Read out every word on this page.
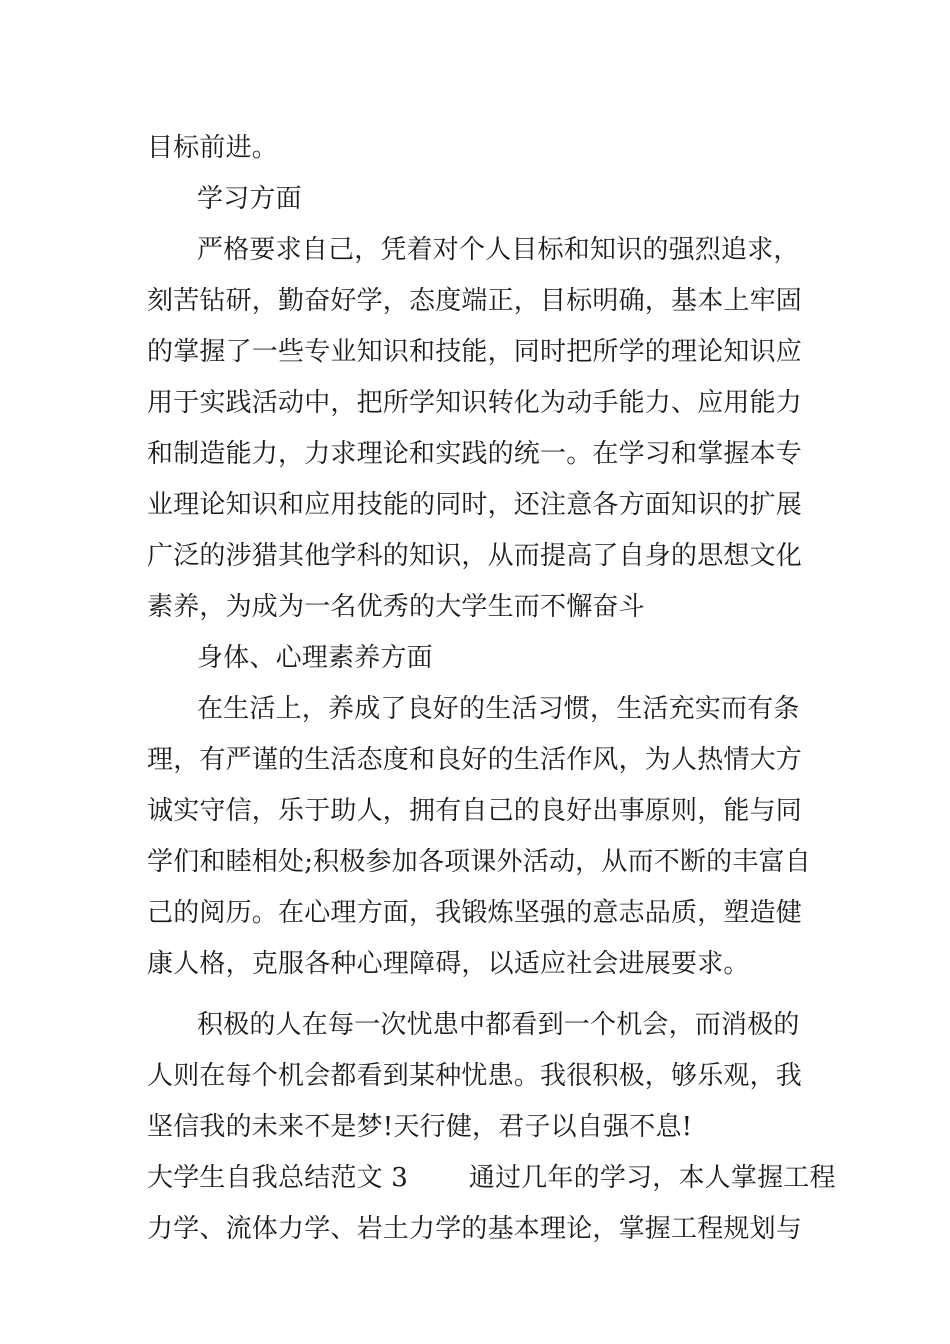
目标前进。
学习方面
严格要求自己，凭着对个人目标和知识的强烈追求，
刻苦钻研，勤奋好学，态度端正，目标明确，基本上牢固
的掌握了一些专业知识和技能，同时把所学的理论知识应
用于实践活动中，把所学知识转化为动手能力、应用能力
和制造能力，力求理论和实践的统一。在学习和掌握本专
业理论知识和应用技能的同时，还注意各方面知识的扩展
广泛的涉猎其他学科的知识，从而提高了自身的思想文化
素养，为成为一名优秀的大学生而不懈奋斗
身体、心理素养方面
在生活上，养成了良好的生活习惯，生活充实而有条
理，有严谨的生活态度和良好的生活作风，为人热情大方
诚实守信，乐于助人，拥有自己的良好出事原则，能与同
学们和睦相处;积极参加各项课外活动，从而不断的丰富自
己的阅历。在心理方面，我锻炼坚强的意志品质，塑造健
康人格，克服各种心理障碍，以适应社会进展要求。
积极的人在每一次忧患中都看到一个机会，而消极的
人则在每个机会都看到某种忧患。我很积极，够乐观，我
坚信我的未来不是梦!天行健，君子以自强不息!
大学生自我总结范文 3　　 通过几年的学习，本人掌握工程
力学、流体力学、岩土力学的基本理论，掌握工程规划与
